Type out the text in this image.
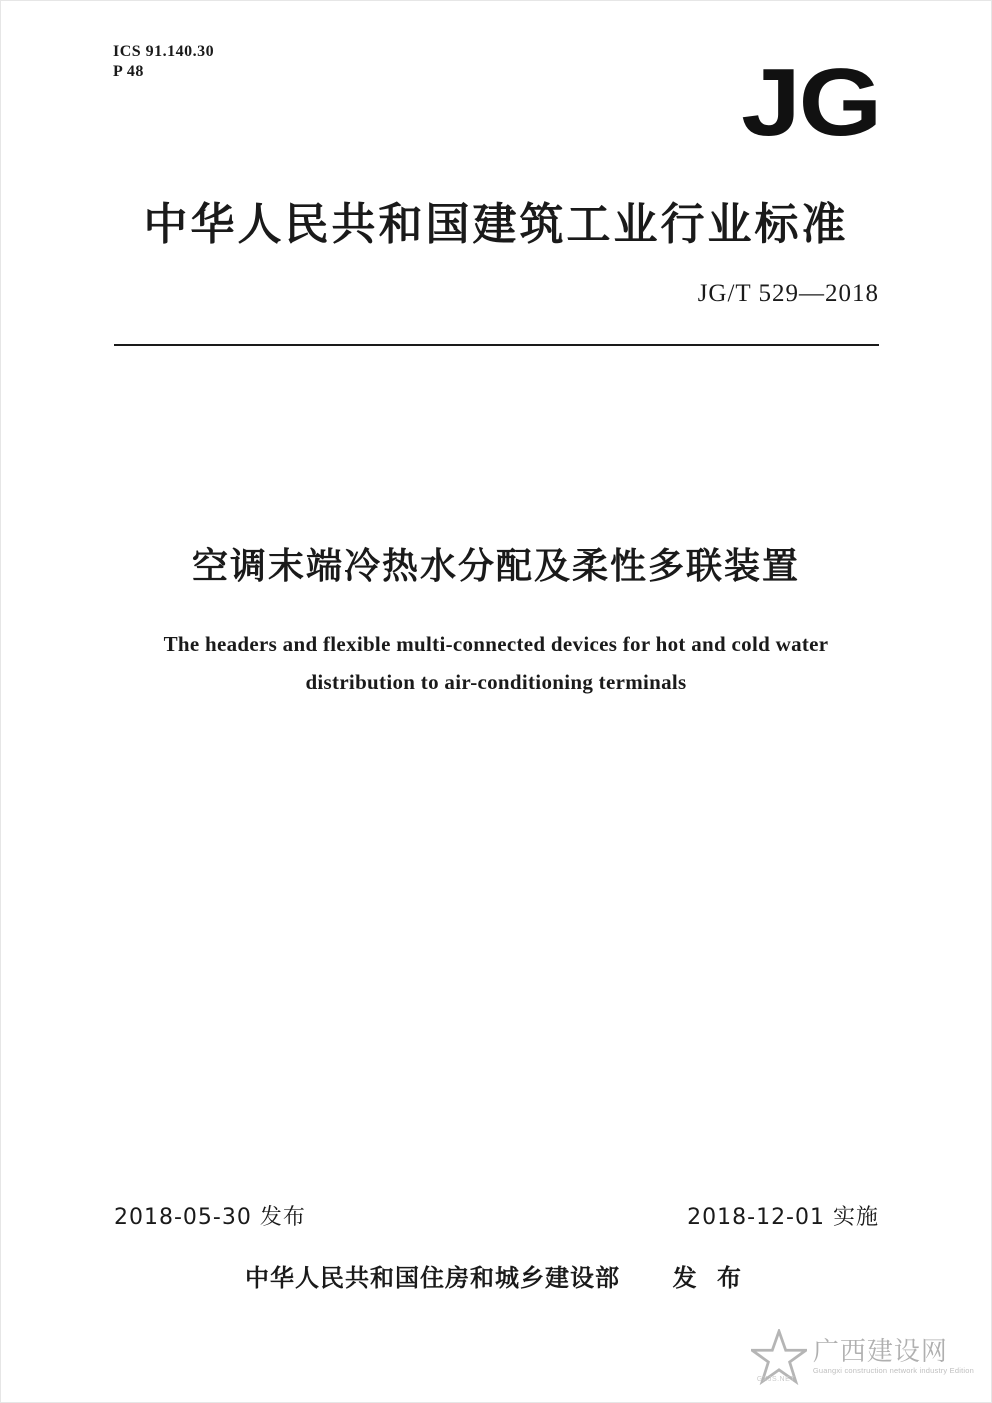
ICS 91.140.30
P 48	JG
中华人民共和国建筑工业行业标准
JG/T 529—2018
空调末端冷热水分配及柔性多联装置
The headers and flexible multi-connected devices for hot and cold water
distribution to air-conditioning terminals
2018-05-30 发布	2018-12-01 实施
中华人民共和国住房和城乡建设部 发 布
广西建设网
Guangxi construction network industry Edition
GXJS.NET
